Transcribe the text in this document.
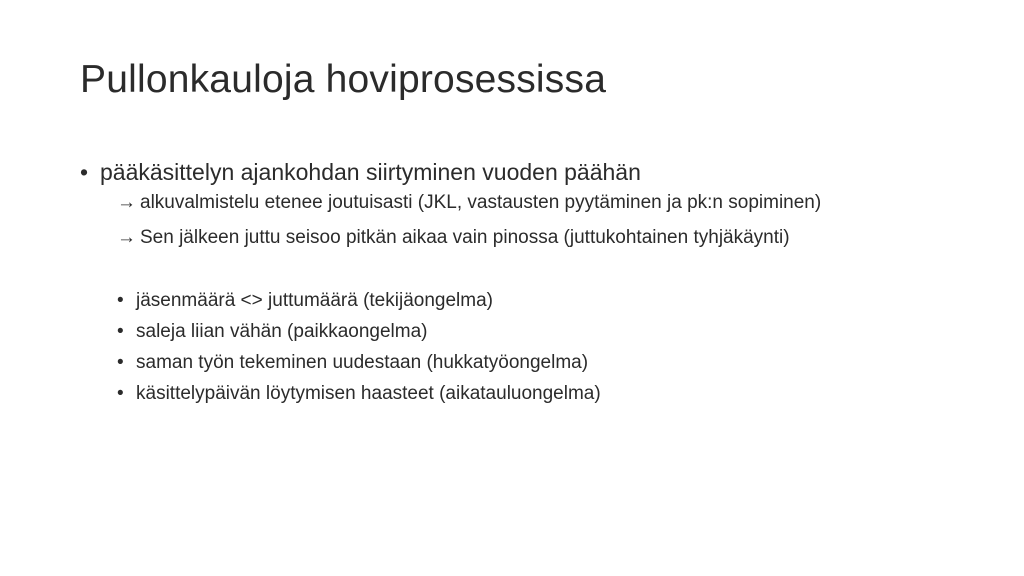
Pullonkauloja hoviprosessissa
• pääkäsittelyn ajankohdan siirtyminen vuoden päähän
→ alkuvalmistelu etenee joutuisasti (JKL, vastausten pyytäminen ja pk:n sopiminen)
→ Sen jälkeen juttu seisoo pitkän aikaa vain pinossa (juttukohtainen tyhjäkäynti)
• jäsenmäärä <> juttumäärä (tekijäongelma)
• saleja liian vähän (paikkaongelma)
• saman työn tekeminen uudestaan (hukkatyöongelma)
• käsittelypäivän löytymisen haasteet (aikatauluongelma)
